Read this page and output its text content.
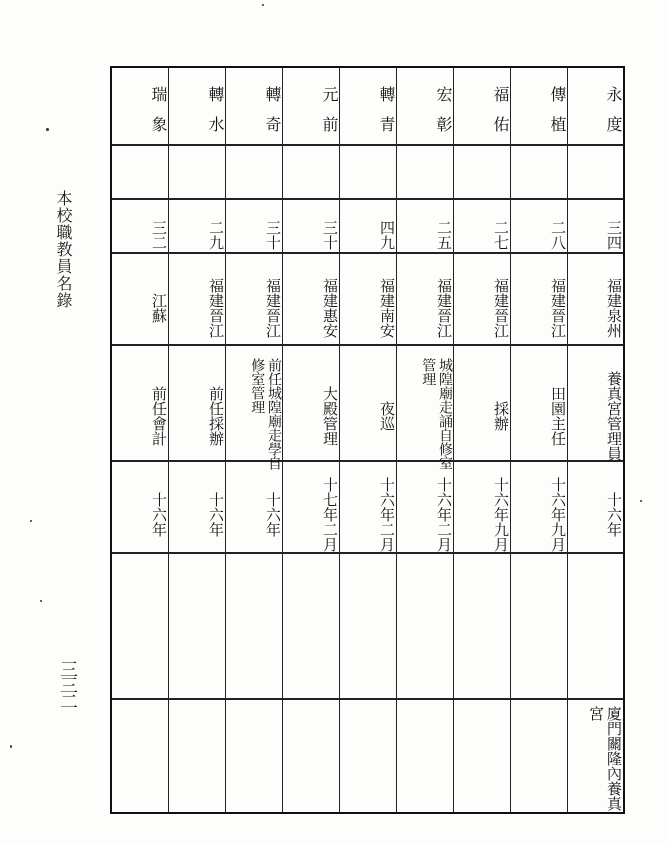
本校職教員名錄
三三二
永度
三四
福建泉州
養真宮管理員
十六年
廈門關隆內養真宮
傳植
二八
福建晉江
田園主任
十六年九月
福佑
二七
福建晉江
採辦
十六年九月
宏彰
二五
福建晉江
城隍廟走誦自修室管理
十六年二月
轉青
四九
福建南安
夜巡
十六年二月
元前
三十
福建惠安
大殿管理
十七年二月
轉奇
三十
福建晉江
前任城隍廟走學自修室管理
十六年
轉水
二九
福建晉江
前任採辦
十六年
瑞象
三二
江蘇
前任會計
十六年
